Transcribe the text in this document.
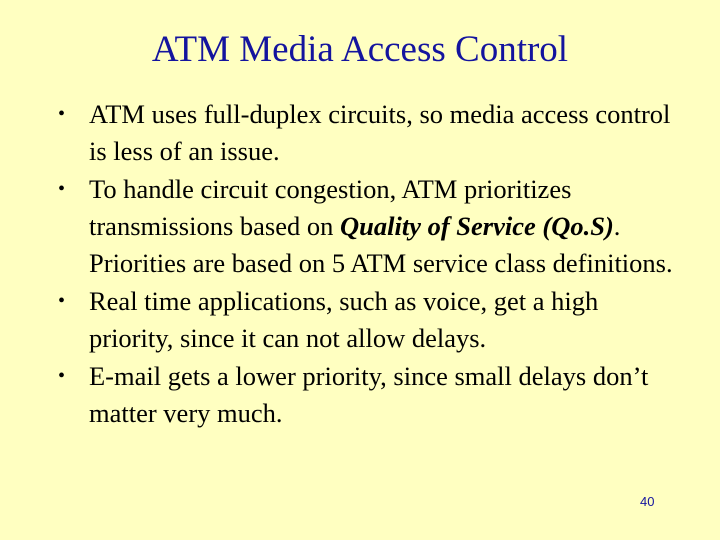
ATM Media Access Control
• ATM uses full-duplex circuits, so media access control is less of an issue.
• To handle circuit congestion, ATM prioritizes transmissions based on Quality of Service (Qo.S). Priorities are based on 5 ATM service class definitions.
• Real time applications, such as voice, get a high priority, since it can not allow delays.
• E-mail gets a lower priority, since small delays don’t matter very much.
40
